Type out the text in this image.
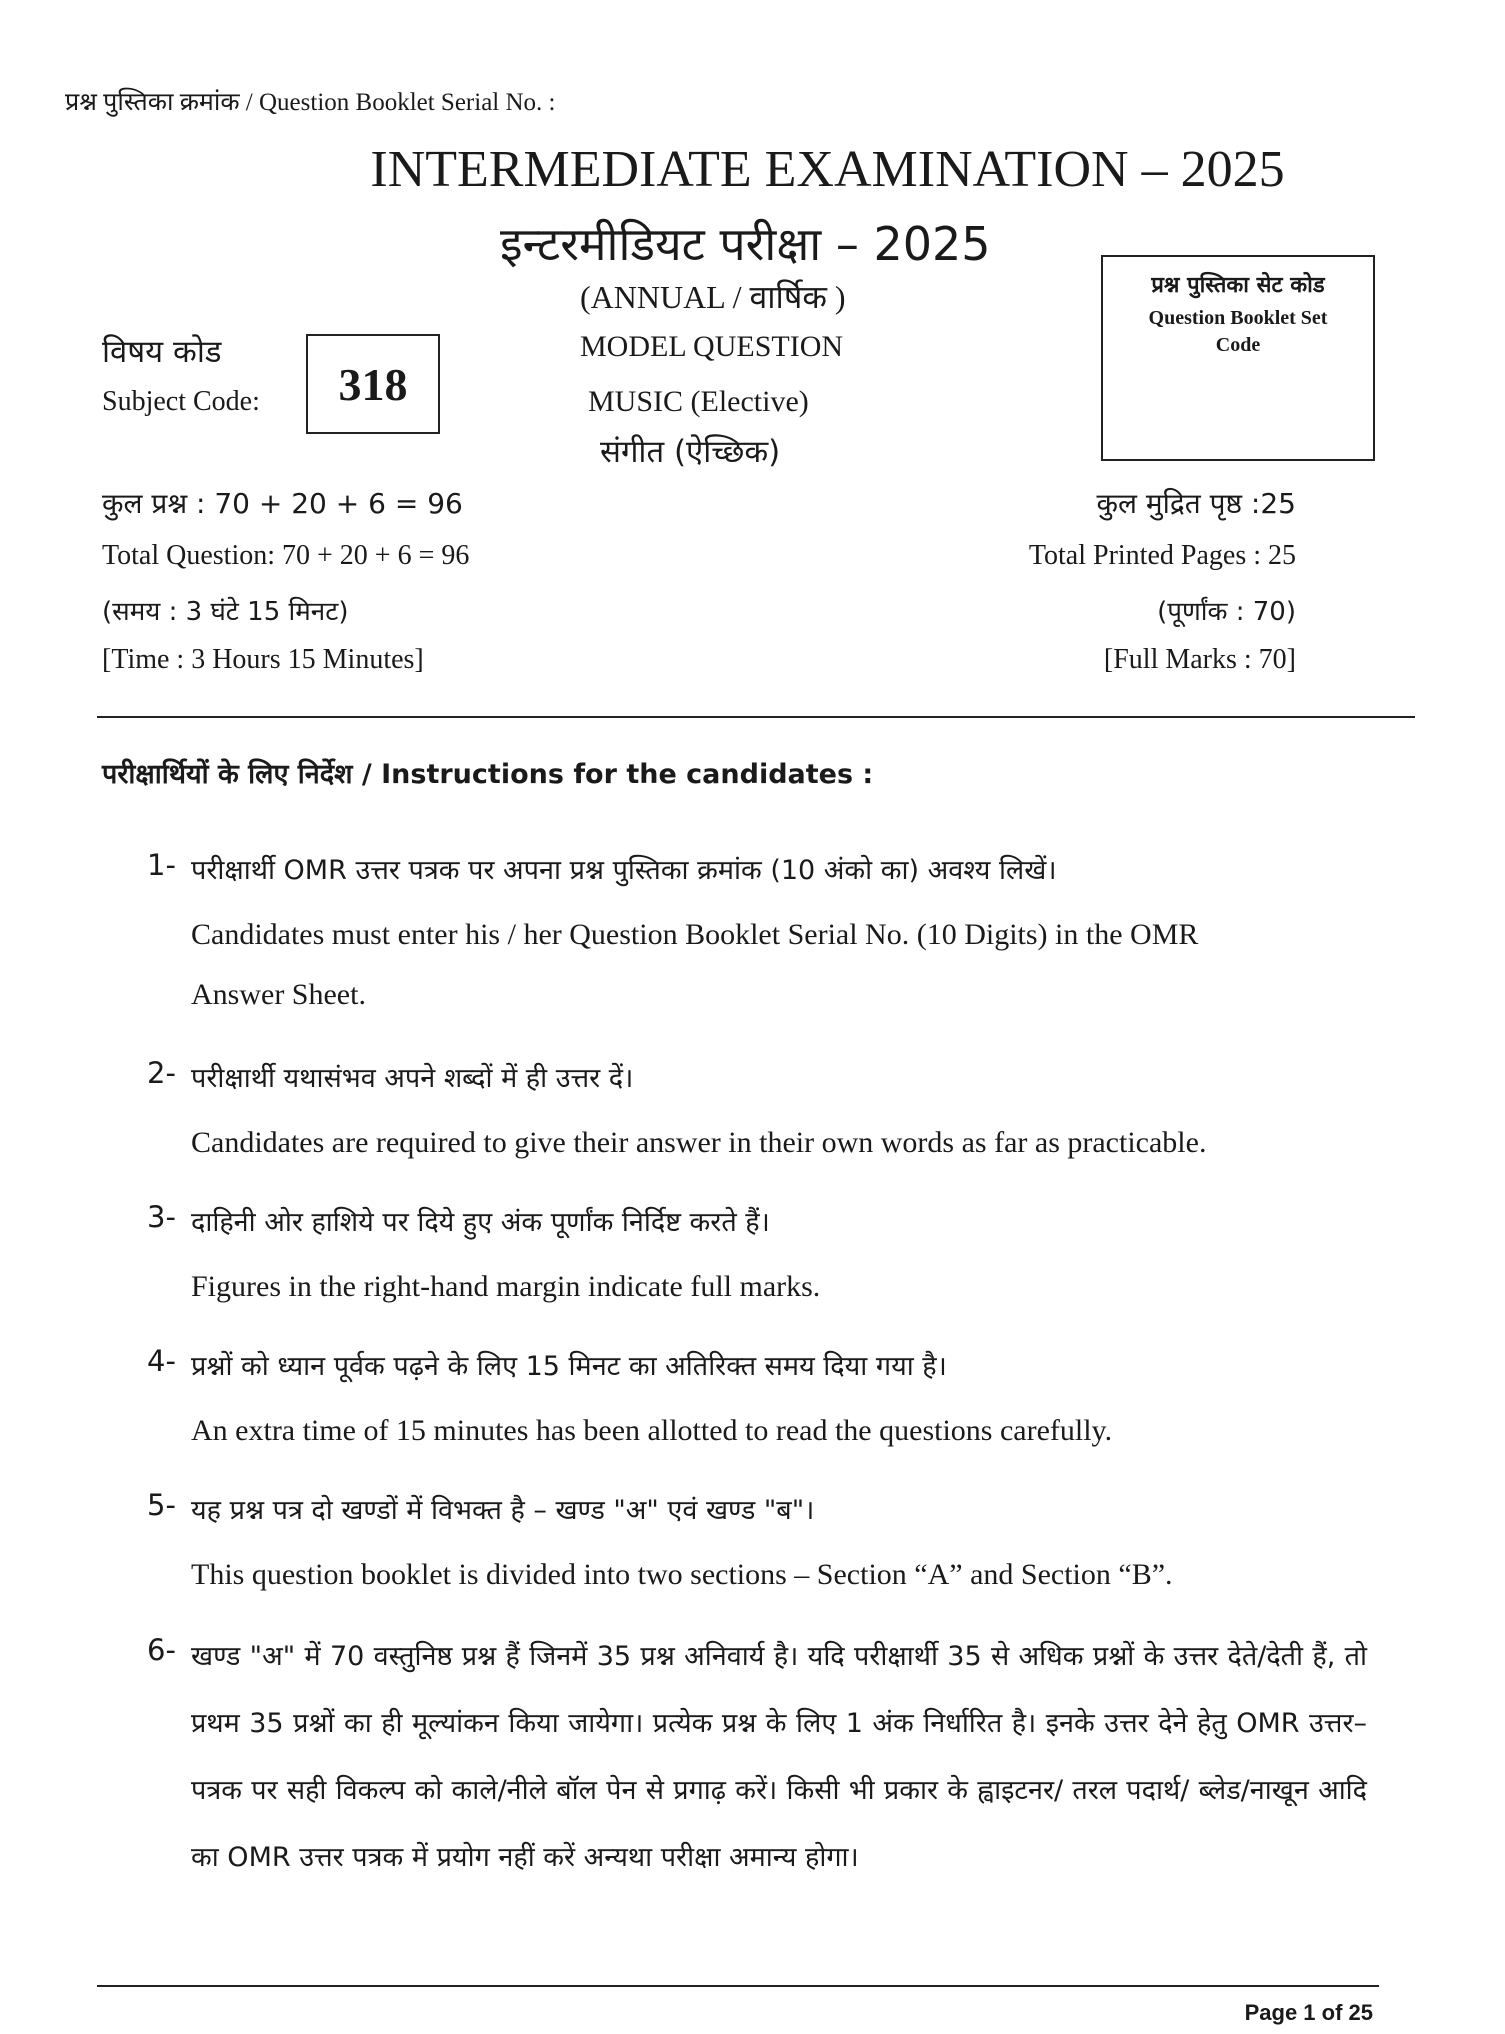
प्रश्न पुस्तिका क्रमांक / Question Booklet Serial No. :
INTERMEDIATE EXAMINATION – 2025
इन्टरमीडियट परीक्षा – 2025
(ANNUAL / वार्षिक )
MODEL QUESTION
MUSIC (Elective)
संगीत (ऐच्छिक)
विषय कोड
Subject Code:	318
प्रश्न पुस्तिका सेट कोड
Question Booklet Set Code
कुल प्रश्न : 70 + 20 + 6 = 96
Total Question: 70 + 20 + 6 = 96
(समय : 3 घंटे 15 मिनट)
[Time : 3 Hours 15 Minutes]
कुल मुद्रित पृष्ठ :25
Total Printed Pages : 25
(पूर्णांक : 70)
[Full Marks : 70]
परीक्षार्थियों के लिए निर्देश / Instructions for the candidates :
1- परीक्षार्थी OMR उत्तर पत्रक पर अपना प्रश्न पुस्तिका क्रमांक (10 अंको का) अवश्य लिखें।
Candidates must enter his / her Question Booklet Serial No. (10 Digits) in the OMR
Answer Sheet.
2- परीक्षार्थी यथासंभव अपने शब्दों में ही उत्तर दें।
Candidates are required to give their answer in their own words as far as practicable.
3- दाहिनी ओर हाशिये पर दिये हुए अंक पूर्णांक निर्दिष्ट करते हैं।
Figures in the right-hand margin indicate full marks.
4- प्रश्नों को ध्यान पूर्वक पढ़ने के लिए 15 मिनट का अतिरिक्त समय दिया गया है।
An extra time of 15 minutes has been allotted to read the questions carefully.
5- यह प्रश्न पत्र दो खण्डों में विभक्त है – खण्ड "अ" एवं खण्ड "ब"।
This question booklet is divided into two sections – Section “A” and Section “B”.
6- खण्ड "अ" में 70 वस्तुनिष्ठ प्रश्न हैं जिनमें 35 प्रश्न अनिवार्य है। यदि परीक्षार्थी 35 से अधिक प्रश्नों के उत्तर देते/देती हैं, तो प्रथम 35 प्रश्नों का ही मूल्यांकन किया जायेगा। प्रत्येक प्रश्न के लिए 1 अंक निर्धारित है। इनके उत्तर देने हेतु OMR उत्तर–पत्रक पर सही विकल्प को काले/नीले बॉल पेन से प्रगाढ़ करें। किसी भी प्रकार के ह्वाइटनर/ तरल पदार्थ/ ब्लेड/नाखून आदि का OMR उत्तर पत्रक में प्रयोग नहीं करें अन्यथा परीक्षा अमान्य होगा।
Page 1 of 25
